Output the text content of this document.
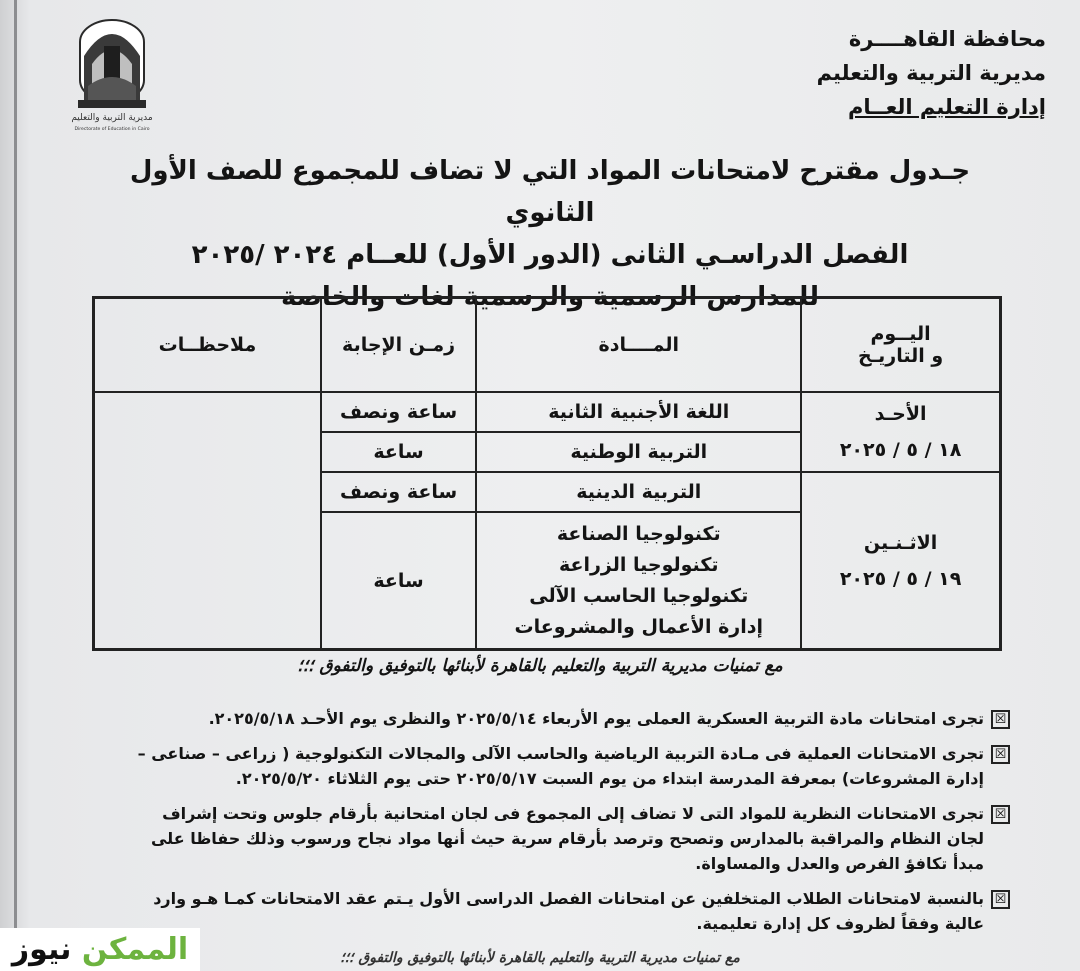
مديرية التربية والتعليم
Directorate of Education in Cairo
محافظة القاهــــرة
مديرية التربية والتعليم
إدارة التعليم العــام
جـدول مقترح لامتحانات المواد التي لا تضاف للمجموع للصف الأول الثانوي
الفصل الدراسـي الثانى (الدور الأول) للعــام ٢٠٢٤ /٢٠٢٥
للمدارس الرسمية والرسمية لغات والخاصة
اليــوم
و التاريـخ	المــــادة	زمـن الإجابة	ملاحظــات

الأحـد
١٨ / ٥ / ٢٠٢٥	اللغة الأجنبية الثانية	ساعة ونصف	
	التربية الوطنية	ساعة	

الاثـنـين
١٩ / ٥ / ٢٠٢٥	التربية الدينية	ساعة ونصف	

	تكنولوجيا الصناعة
تكنولوجيا الزراعة
تكنولوجيا الحاسب الآلى
إدارة الأعمال والمشروعات	ساعة	
مع تمنيات مديرية التربية والتعليم بالقاهرة لأبنائها بالتوفيق والتفوق ؛؛؛
☒
تجرى امتحانات مادة التربية العسكرية العملى يوم الأربعاء ٢٠٢٥/٥/١٤ والنظرى يوم الأحـد ٢٠٢٥/٥/١٨.
☒
تجرى الامتحانات العملية فى مـادة التربية الرياضية والحاسب الآلى والمجالات التكنولوجية ( زراعى – صناعى – إدارة المشروعات) بمعرفة المدرسة ابتداء من يوم السبت ٢٠٢٥/٥/١٧ حتى يوم الثلاثاء ٢٠٢٥/٥/٢٠.
☒
تجرى الامتحانات النظرية للمواد التى لا تضاف إلى المجموع فى لجان امتحانية بأرقام جلوس وتحت إشراف لجان النظام والمراقبة بالمدارس وتصحح وترصد بأرقام سرية حيث أنها مواد نجاح ورسوب وذلك حفاظا على مبدأ تكافؤ الفرص والعدل والمساواة.
☒
بالنسبة لامتحانات الطلاب المتخلفين عن امتحانات الفصل الدراسى الأول يـتم عقد الامتحانات كمـا هـو وارد عالية وفقاً لظروف كل إدارة تعليمية.
مع تمنيات مديرية التربية والتعليم بالقاهرة لأبنائها بالتوفيق والتفوق ؛؛؛
الممكن نيوز
